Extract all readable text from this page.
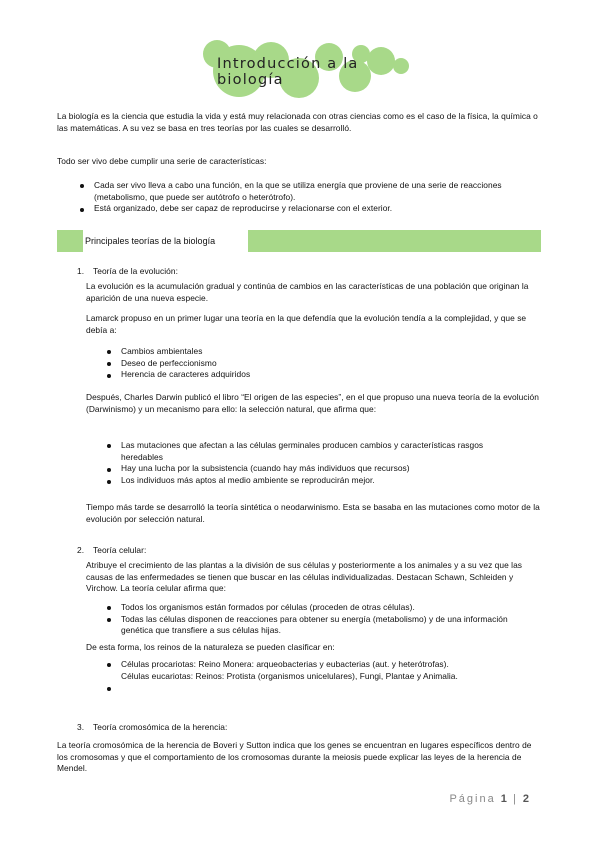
Introducción a la biología
La biología es la ciencia que estudia la vida y está muy relacionada con otras ciencias como es el caso de la física, la química o las matemáticas. A su vez se basa en tres teorías por las cuales se desarrolló.
Todo ser vivo debe cumplir una serie de características:
Cada ser vivo lleva a cabo una función, en la que se utiliza energía que proviene de una serie de reacciones (metabolismo, que puede ser autótrofo o heterótrofo).
Está organizado, debe ser capaz de reproducirse y relacionarse con el exterior.
Principales teorías de la biología
1. Teoría de la evolución:
La evolución es la acumulación gradual y continúa de cambios en las características de una población que originan la aparición de una nueva especie.
Lamarck propuso en un primer lugar una teoría en la que defendía que la evolución tendía a la complejidad, y que se debía a:
Cambios ambientales
Deseo de perfeccionismo
Herencia de caracteres adquiridos
Después, Charles Darwin publicó el libro “El origen de las especies”, en el que propuso una nueva teoría de la evolución (Darwinismo) y un mecanismo para ello: la selección natural, que afirma que:
Las mutaciones que afectan a las células germinales producen cambios y características rasgos heredables
Hay una lucha por la subsistencia (cuando hay más individuos que recursos)
Los individuos más aptos al medio ambiente se reproducirán mejor.
Tiempo más tarde se desarrolló la teoría sintética o neodarwinismo. Esta se basaba en las mutaciones como motor de la evolución por selección natural.
2. Teoría celular:
Atribuye el crecimiento de las plantas a la división de sus células y posteriormente a los animales y a su vez que las causas de las enfermedades se tienen que buscar en las células individualizadas. Destacan Schawn, Schleiden y Virchow. La teoría celular afirma que:
Todos los organismos están formados por células (proceden de otras células).
Todas las células disponen de reacciones para obtener su energía (metabolismo) y de una información genética que transfiere a sus células hijas.
De esta forma, los reinos de la naturaleza se pueden clasificar en:
Células procariotas: Reino Monera: arqueobacterias y eubacterias (aut. y heterótrofas).
Células eucariotas: Reinos: Protista (organismos unicelulares), Fungi, Plantae y Animalia.
3. Teoría cromosómica de la herencia:
La teoría cromosómica de la herencia de Boveri y Sutton indica que los genes se encuentran en lugares específicos dentro de los cromosomas y que el comportamiento de los cromosomas durante la meiosis puede explicar las leyes de la herencia de Mendel.
Página 1 | 2
